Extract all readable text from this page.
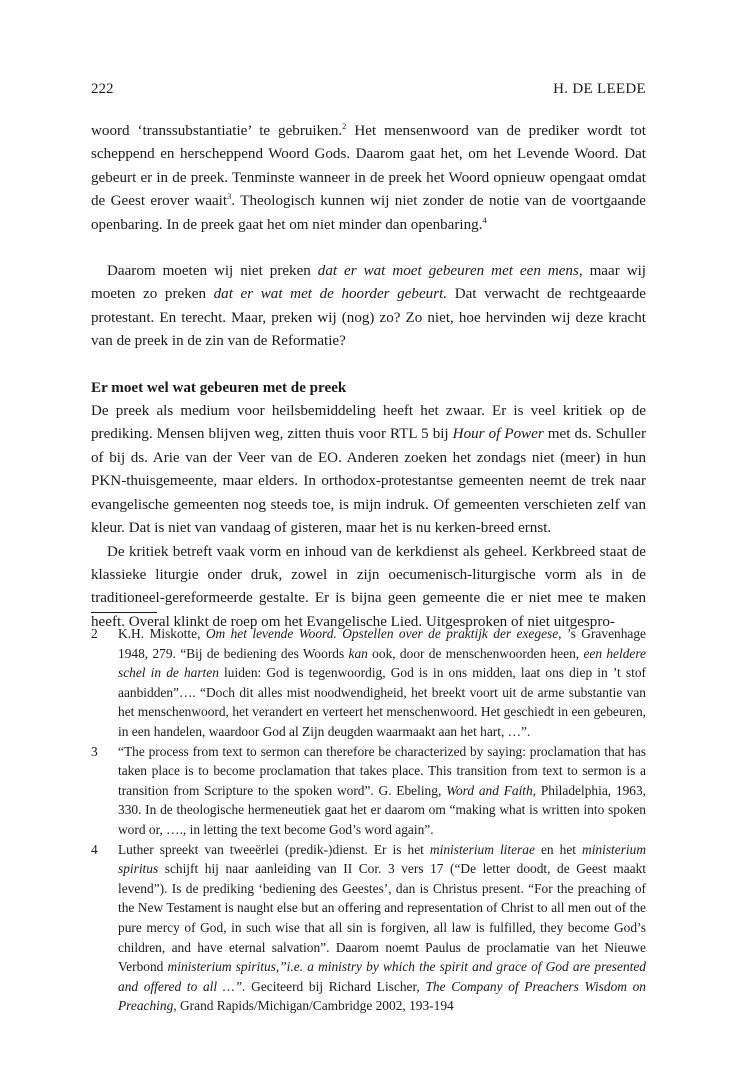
222	H. DE LEEDE

woord ‘transsubstantiatie’ te gebruiken.$^2$ Het mensenwoord van de prediker wordt tot scheppend en herscheppend Woord Gods. Daarom gaat het, om het Levende Woord. Dat gebeurt er in de preek. Tenminste wanneer in de preek het Woord opnieuw opengaat omdat de Geest erover waait$^3$. Theologisch kunnen wij niet zonder de notie van de voortgaande openbaring. In de preek gaat het om niet minder dan openbaring.$^4$

Daarom moeten wij niet preken dat er wat moet gebeuren met een mens, maar wij moeten zo preken dat er wat met de hoorder gebeurt. Dat verwacht de rechtgeaarde protestant. En terecht. Maar, preken wij (nog) zo? Zo niet, hoe hervinden wij deze kracht van de preek in de zin van de Reformatie?

Er moet wel wat gebeuren met de preek

De preek als medium voor heilsbemiddeling heeft het zwaar. Er is veel kritiek op de prediking. Mensen blijven weg, zitten thuis voor RTL 5 bij Hour of Power met ds. Schuller of bij ds. Arie van der Veer van de EO. Anderen zoeken het zondags niet (meer) in hun PKN-thuisgemeente, maar elders. In orthodox-protestantse gemeenten neemt de trek naar evangelische gemeenten nog steeds toe, is mijn indruk. Of gemeenten verschieten zelf van kleur. Dat is niet van vandaag of gisteren, maar het is nu kerken-breed ernst.

De kritiek betreft vaak vorm en inhoud van de kerkdienst als geheel. Kerkbreed staat de klassieke liturgie onder druk, zowel in zijn oecumenisch-liturgische vorm als in de traditioneel-gereformeerde gestalte. Er is bijna geen gemeente die er niet mee te maken heeft. Overal klinkt de roep om het Evangelische Lied. Uitgesproken of niet uitgespro-

2 K.H. Miskotte, Om het levende Woord. Opstellen over de praktijk der exegese, ’s Gravenhage 1948, 279. “Bij de bediening des Woords kan ook, door de menschenwoorden heen, een heldere schel in de harten luiden: God is tegenwoordig, God is in ons midden, laat ons diep in ’t stof aanbidden”…. “Doch dit alles mist noodwendigheid, het breekt voort uit de arme substantie van het menschenwoord, het verandert en verteert het menschenwoord. Het geschiedt in een gebeuren, in een handelen, waardoor God al Zijn deugden waarmaakt aan het hart, …”.

3 “The process from text to sermon can therefore be characterized by saying: proclamation that has taken place is to become proclamation that takes place. This transition from text to sermon is a transition from Scripture to the spoken word”. G. Ebeling, Word and Faith, Philadelphia, 1963, 330. In de theologische hermeneutiek gaat het er daarom om “making what is written into spoken word or, …., in letting the text become God’s word again”.

4 Luther spreekt van tweeërlei (predik-)dienst. Er is het ministerium literae en het ministerium spiritus schijft hij naar aanleiding van II Cor. 3 vers 17 (“De letter doodt, de Geest maakt levend”). Is de prediking ‘bediening des Geestes’, dan is Christus present. “For the preaching of the New Testament is naught else but an offering and representation of Christ to all men out of the pure mercy of God, in such wise that all sin is forgiven, all law is fulfilled, they become God’s children, and have eternal salvation”. Daarom noemt Paulus de proclamatie van het Nieuwe Verbond ministerium spiritus,”i.e. a ministry by which the spirit and grace of God are presented and offered to all …”. Geciteerd bij Richard Lischer, The Company of Preachers Wisdom on Preaching, Grand Rapids/Michigan/Cambridge 2002, 193-194
